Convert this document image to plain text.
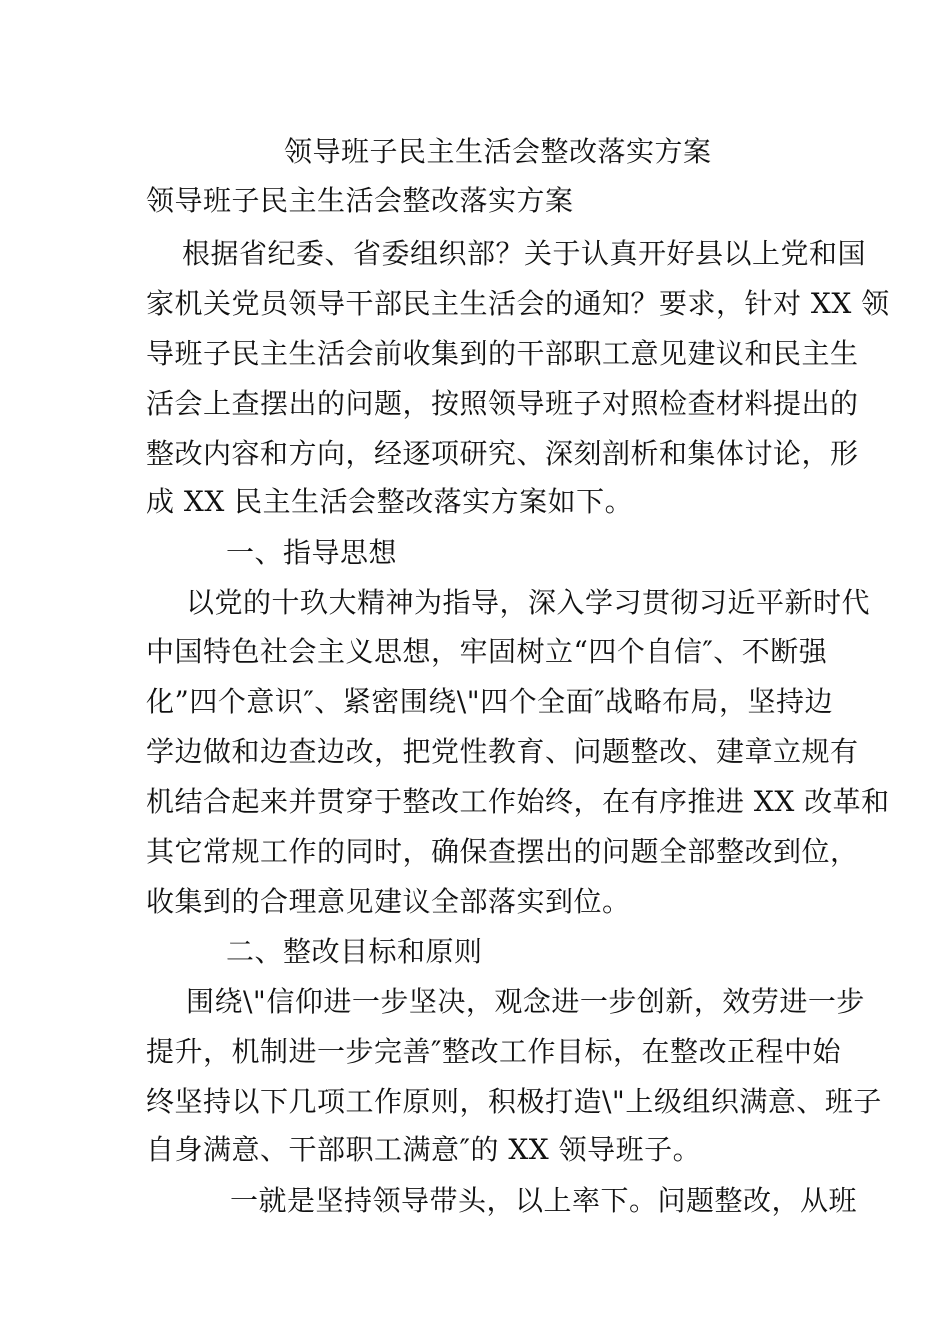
领导班子民主生活会整改落实方案
领导班子民主生活会整改落实方案
根据省纪委、省委组织部？关于认真开好县以上党和国
家机关党员领导干部民主生活会的通知？要求，针对 XX 领
导班子民主生活会前收集到的干部职工意见建议和民主生
活会上查摆出的问题，按照领导班子对照检查材料提出的
整改内容和方向，经逐项研究、深刻剖析和集体讨论，形
成 XX 民主生活会整改落实方案如下。
一、指导思想
以党的十玖大精神为指导，深入学习贯彻习近平新时代
中国特色社会主义思想，牢固树立“四个自信″、不断强
化”四个意识″、紧密围绕\"四个全面″战略布局，坚持边
学边做和边查边改，把党性教育、问题整改、建章立规有
机结合起来并贯穿于整改工作始终，在有序推进 XX 改革和
其它常规工作的同时，确保查摆出的问题全部整改到位，
收集到的合理意见建议全部落实到位。
二、整改目标和原则
围绕\"信仰进一步坚决，观念进一步创新，效劳进一步
提升，机制进一步完善″整改工作目标，在整改正程中始
终坚持以下几项工作原则，积极打造\"上级组织满意、班子
自身满意、干部职工满意″的 XX 领导班子。
一就是坚持领导带头，以上率下。问题整改，从班
